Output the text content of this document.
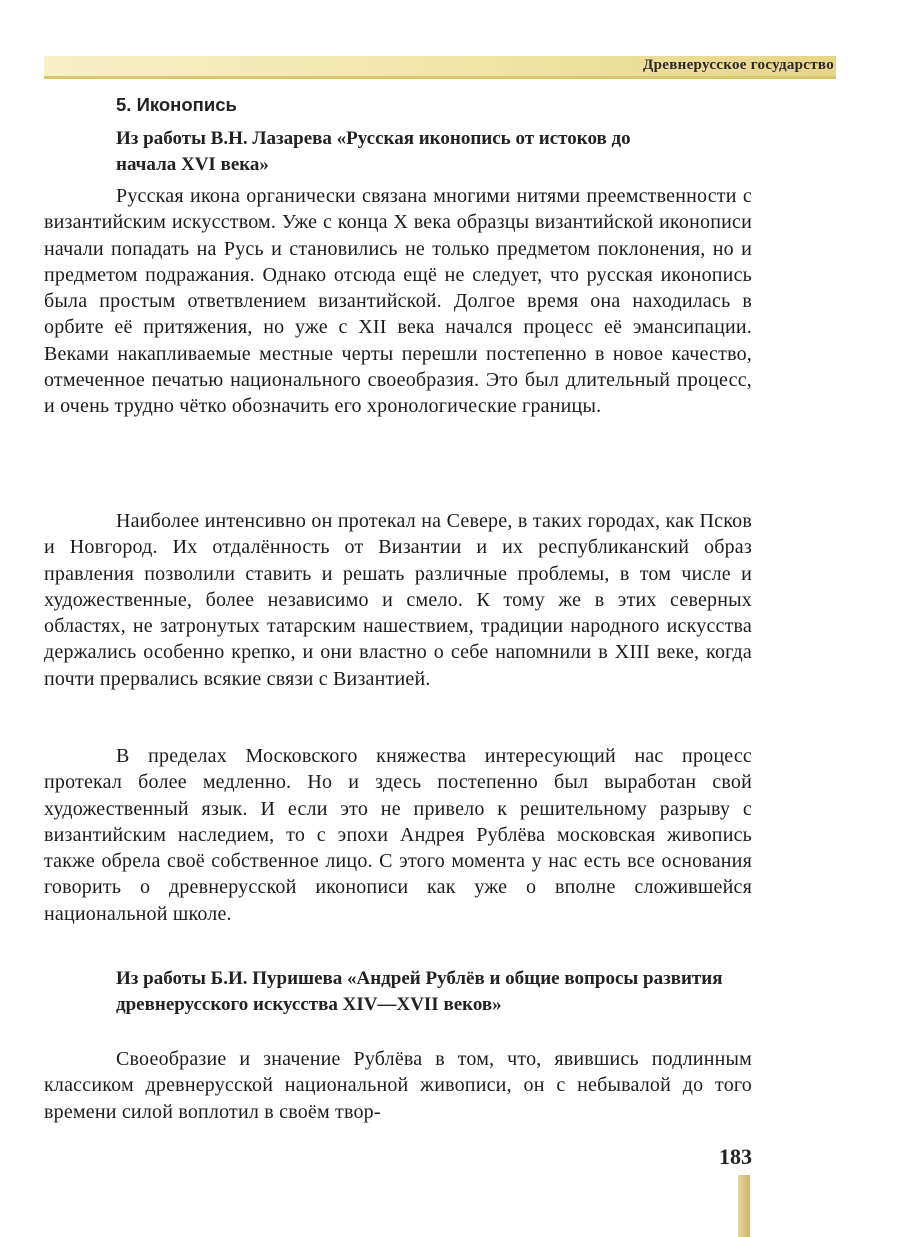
Древнерусское государство
5. Иконопись
Из работы В.Н. Лазарева «Русская иконопись от истоков до начала XVI века»
Русская икона органически связана многими нитями преемственности с византийским искусством. Уже с конца X века образцы византийской иконописи начали попадать на Русь и становились не только предметом поклонения, но и предметом подражания. Однако отсюда ещё не следует, что русская иконопись была простым ответвлением византийской. Долгое время она находилась в орбите её притяжения, но уже с XII века начался процесс её эмансипации. Веками накапливаемые местные черты перешли постепенно в новое качество, отмеченное печатью национального своеобразия. Это был длительный процесс, и очень трудно чётко обозначить его хронологические границы.
Наиболее интенсивно он протекал на Севере, в таких городах, как Псков и Новгород. Их отдалённость от Византии и их республиканский образ правления позволили ставить и решать различные проблемы, в том числе и художественные, более независимо и смело. К тому же в этих северных областях, не затронутых татарским нашествием, традиции народного искусства держались особенно крепко, и они властно о себе напомнили в XIII веке, когда почти прервались всякие связи с Византией.
В пределах Московского княжества интересующий нас процесс протекал более медленно. Но и здесь постепенно был выработан свой художественный язык. И если это не привело к решительному разрыву с византийским наследием, то с эпохи Андрея Рублёва московская живопись также обрела своё собственное лицо. С этого момента у нас есть все основания говорить о древнерусской иконописи как уже о вполне сложившейся национальной школе.
Из работы Б.И. Пуришева «Андрей Рублёв и общие вопросы развития древнерусского искусства XIV—XVII веков»
Своеобразие и значение Рублёва в том, что, явившись подлинным классиком древнерусской национальной живописи, он с небывалой до того времени силой воплотил в своём твор-
183
